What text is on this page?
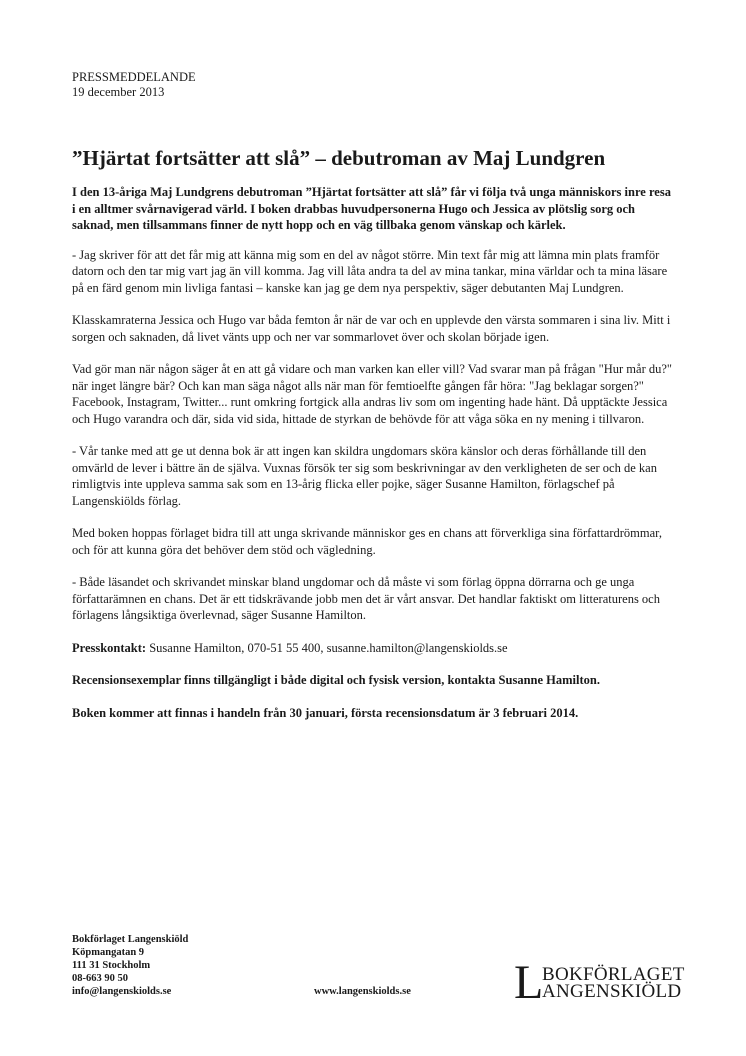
PRESSMEDDELANDE
19 december 2013
”Hjärtat fortsätter att slå” – debutroman av Maj Lundgren

I den 13-åriga Maj Lundgrens debutroman ”Hjärtat fortsätter att slå” får vi följa två unga människors inre resa i en alltmer svårnavigerad värld. I boken drabbas huvudpersonerna Hugo och Jessica av plötslig sorg och saknad, men tillsammans finner de nytt hopp och en väg tillbaka genom vänskap och kärlek.

- Jag skriver för att det får mig att känna mig som en del av något större. Min text får mig att lämna min plats framför datorn och den tar mig vart jag än vill komma. Jag vill låta andra ta del av mina tankar, mina världar och ta mina läsare på en färd genom min livliga fantasi – kanske kan jag ge dem nya perspektiv, säger debutanten Maj Lundgren.

Klasskamraterna Jessica och Hugo var båda femton år när de var och en upplevde den värsta sommaren i sina liv. Mitt i sorgen och saknaden, då livet vänts upp och ner var sommarlovet över och skolan började igen.

Vad gör man när någon säger åt en att gå vidare och man varken kan eller vill? Vad svarar man på frågan "Hur mår du?" när inget längre bär? Och kan man säga något alls när man för femtioelfte gången får höra: "Jag beklagar sorgen?" Facebook, Instagram, Twitter... runt omkring fortgick alla andras liv som om ingenting hade hänt. Då upptäckte Jessica och Hugo varandra och där, sida vid sida, hittade de styrkan de behövde för att våga söka en ny mening i tillvaron.

- Vår tanke med att ge ut denna bok är att ingen kan skildra ungdomars sköra känslor och deras förhållande till den omvärld de lever i bättre än de själva. Vuxnas försök ter sig som beskrivningar av den verkligheten de ser och de kan rimligtvis inte uppleva samma sak som en 13-årig flicka eller pojke, säger Susanne Hamilton, förlagschef på Langenskiölds förlag.

Med boken hoppas förlaget bidra till att unga skrivande människor ges en chans att förverkliga sina författardrömmar, och för att kunna göra det behöver dem stöd och vägledning.

- Både läsandet och skrivandet minskar bland ungdomar och då måste vi som förlag öppna dörrarna och ge unga författarämnen en chans. Det är ett tidskrävande jobb men det är vårt ansvar. Det handlar faktiskt om litteraturens och förlagens långsiktiga överlevnad, säger Susanne Hamilton.

Presskontakt: Susanne Hamilton, 070-51 55 400, susanne.hamilton@langenskiolds.se

Recensionsexemplar finns tillgängligt i både digital och fysisk version, kontakta Susanne Hamilton.

Boken kommer att finnas i handeln från 30 januari, första recensionsdatum är 3 februari 2014.

Bokförlaget Langenskiöld
Köpmangatan 9
111 31 Stockholm
08-663 90 50
info@langenskiolds.se	www.langenskiolds.se L
BOKFÖRLAGET
ANGENSKIÖLD
